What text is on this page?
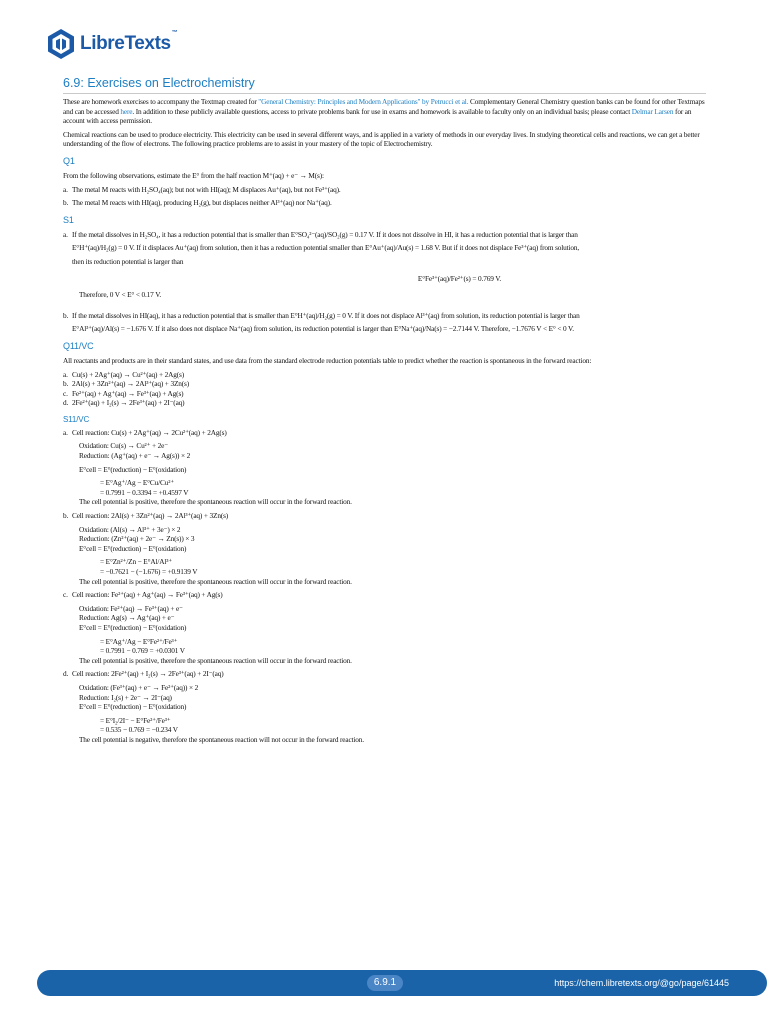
LibreTexts™
6.9: Exercises on Electrochemistry

These are homework exercises to accompany the Textmap created for "General Chemistry: Principles and Modern Applications" by Petrucci et al. Complementary General Chemistry question banks can be found for other Textmaps and can be accessed here. In addition to these publicly available questions, access to private problems bank for use in exams and homework is available to faculty only on an individual basis; please contact Delmar Larsen for an account with access permission.

Chemical reactions can be used to produce electricity. This electricity can be used in several different ways, and is applied in a variety of methods in our everyday lives. In studying theoretical cells and reactions, we can get a better understanding of the flow of electrons. The following practice problems are to assist in your mastery of the topic of Electrochemistry.

Q1

From the following observations, estimate the E° from the half reaction M⁺(aq) + e⁻ → M(s):

a. The metal M reacts with H₂SO₄(aq); but not with HI(aq); M displaces Au⁺(aq), but not Fe³⁺(aq).
b. The metal M reacts with HI(aq), producing H₂(g), but displaces neither Al³⁺(aq) nor Na⁺(aq).
S1
a. If the metal dissolves in H₂SO₄, it has a reduction potential that is smaller than E°SO₄²⁻(aq)/SO₂(g) = 0.17 V. If it does not dissolve in HI, it has a reduction potential that is larger than
E°H⁺(aq)/H₂(g) = 0 V. If it displaces Au⁺(aq) from solution, then it has a reduction potential smaller than E°Au⁺(aq)/Au(s) = 1.68 V. But if it does not displace Fe³⁺(aq) from solution,
then its reduction potential is larger than
E°Fe³⁺(aq)/Fe²⁺(s) = 0.769 V.
Therefore, 0 V < E° < 0.17 V.
b. If the metal dissolves in HI(aq), it has a reduction potential that is smaller than E°H⁺(aq)/H₂(g) = 0 V. If it does not displace Al³⁺(aq) from solution, its reduction potential is larger than
E°Al³⁺(aq)/Al(s) = −1.676 V. If it also does not displace Na⁺(aq) from solution, its reduction potential is larger than E°Na⁺(aq)/Na(s) = −2.7144 V. Therefore, −1.7676 V < E° < 0 V.
Q11/VC

All reactants and products are in their standard states, and use data from the standard electrode reduction potentials table to predict whether the reaction is spontaneous in the forward reaction:

a. Cu(s) + 2Ag⁺(aq) → Cu²⁺(aq) + 2Ag(s)
b. 2Al(s) + 3Zn²⁺(aq) → 2Al³⁺(aq) + 3Zn(s)
c. Fe²⁺(aq) + Ag⁺(aq) → Fe³⁺(aq) + Ag(s)
d. 2Fe²⁺(aq) + I₂(s) → 2Fe³⁺(aq) + 2I⁻(aq)
S11/VC
a. Cell reaction: Cu(s) + 2Ag⁺(aq) → 2Cu²⁺(aq) + 2Ag(s)
Oxidation: Cu(s) → Cu²⁺ + 2e⁻
Reduction: (Ag⁺(aq) + e⁻ → Ag(s)) × 2
E°cell = E°(reduction) − E°(oxidation)
= E°Ag⁺/Ag − E°Cu/Cu²⁺
= 0.7991 − 0.3394 = +0.4597 V
The cell potential is positive, therefore the spontaneous reaction will occur in the forward reaction.
b. Cell reaction: 2Al(s) + 3Zn²⁺(aq) → 2Al³⁺(aq) + 3Zn(s)
Oxidation: (Al(s) → Al³⁺ + 3e⁻) × 2
Reduction: (Zn²⁺(aq) + 2e⁻ → Zn(s)) × 3
E°cell = E°(reduction) − E°(oxidation)
= E°Zn²⁺/Zn − E°Al/Al³⁺
= −0.7621 − (−1.676) = +0.9139 V
The cell potential is positive, therefore the spontaneous reaction will occur in the forward reaction.
c. Cell reaction: Fe²⁺(aq) + Ag⁺(aq) → Fe³⁺(aq) + Ag(s)
Oxidation: Fe²⁺(aq) → Fe³⁺(aq) + e⁻
Reduction: Ag(s) → Ag⁺(aq) + e⁻
E°cell = E°(reduction) − E°(oxidation)
= E°Ag⁺/Ag − E°Fe²⁺/Fe³⁺
= 0.7991 − 0.769 = +0.0301 V
The cell potential is positive, therefore the spontaneous reaction will occur in the forward reaction.
d. Cell reaction: 2Fe²⁺(aq) + I₂(s) → 2Fe³⁺(aq) + 2I⁻(aq)
Oxidation: (Fe³⁺(aq) + e⁻ → Fe²⁺(aq)) × 2
Reduction: I₂(s) + 2e⁻ → 2I⁻(aq)
E°cell = E°(reduction) − E°(oxidation)
= E°I₂/2I⁻ − E°Fe²⁺/Fe³⁺
= 0.535 − 0.769 = −0.234 V
The cell potential is negative, therefore the spontaneous reaction will not occur in the forward reaction.
6.9.1	https://chem.libretexts.org/@go/page/61445
